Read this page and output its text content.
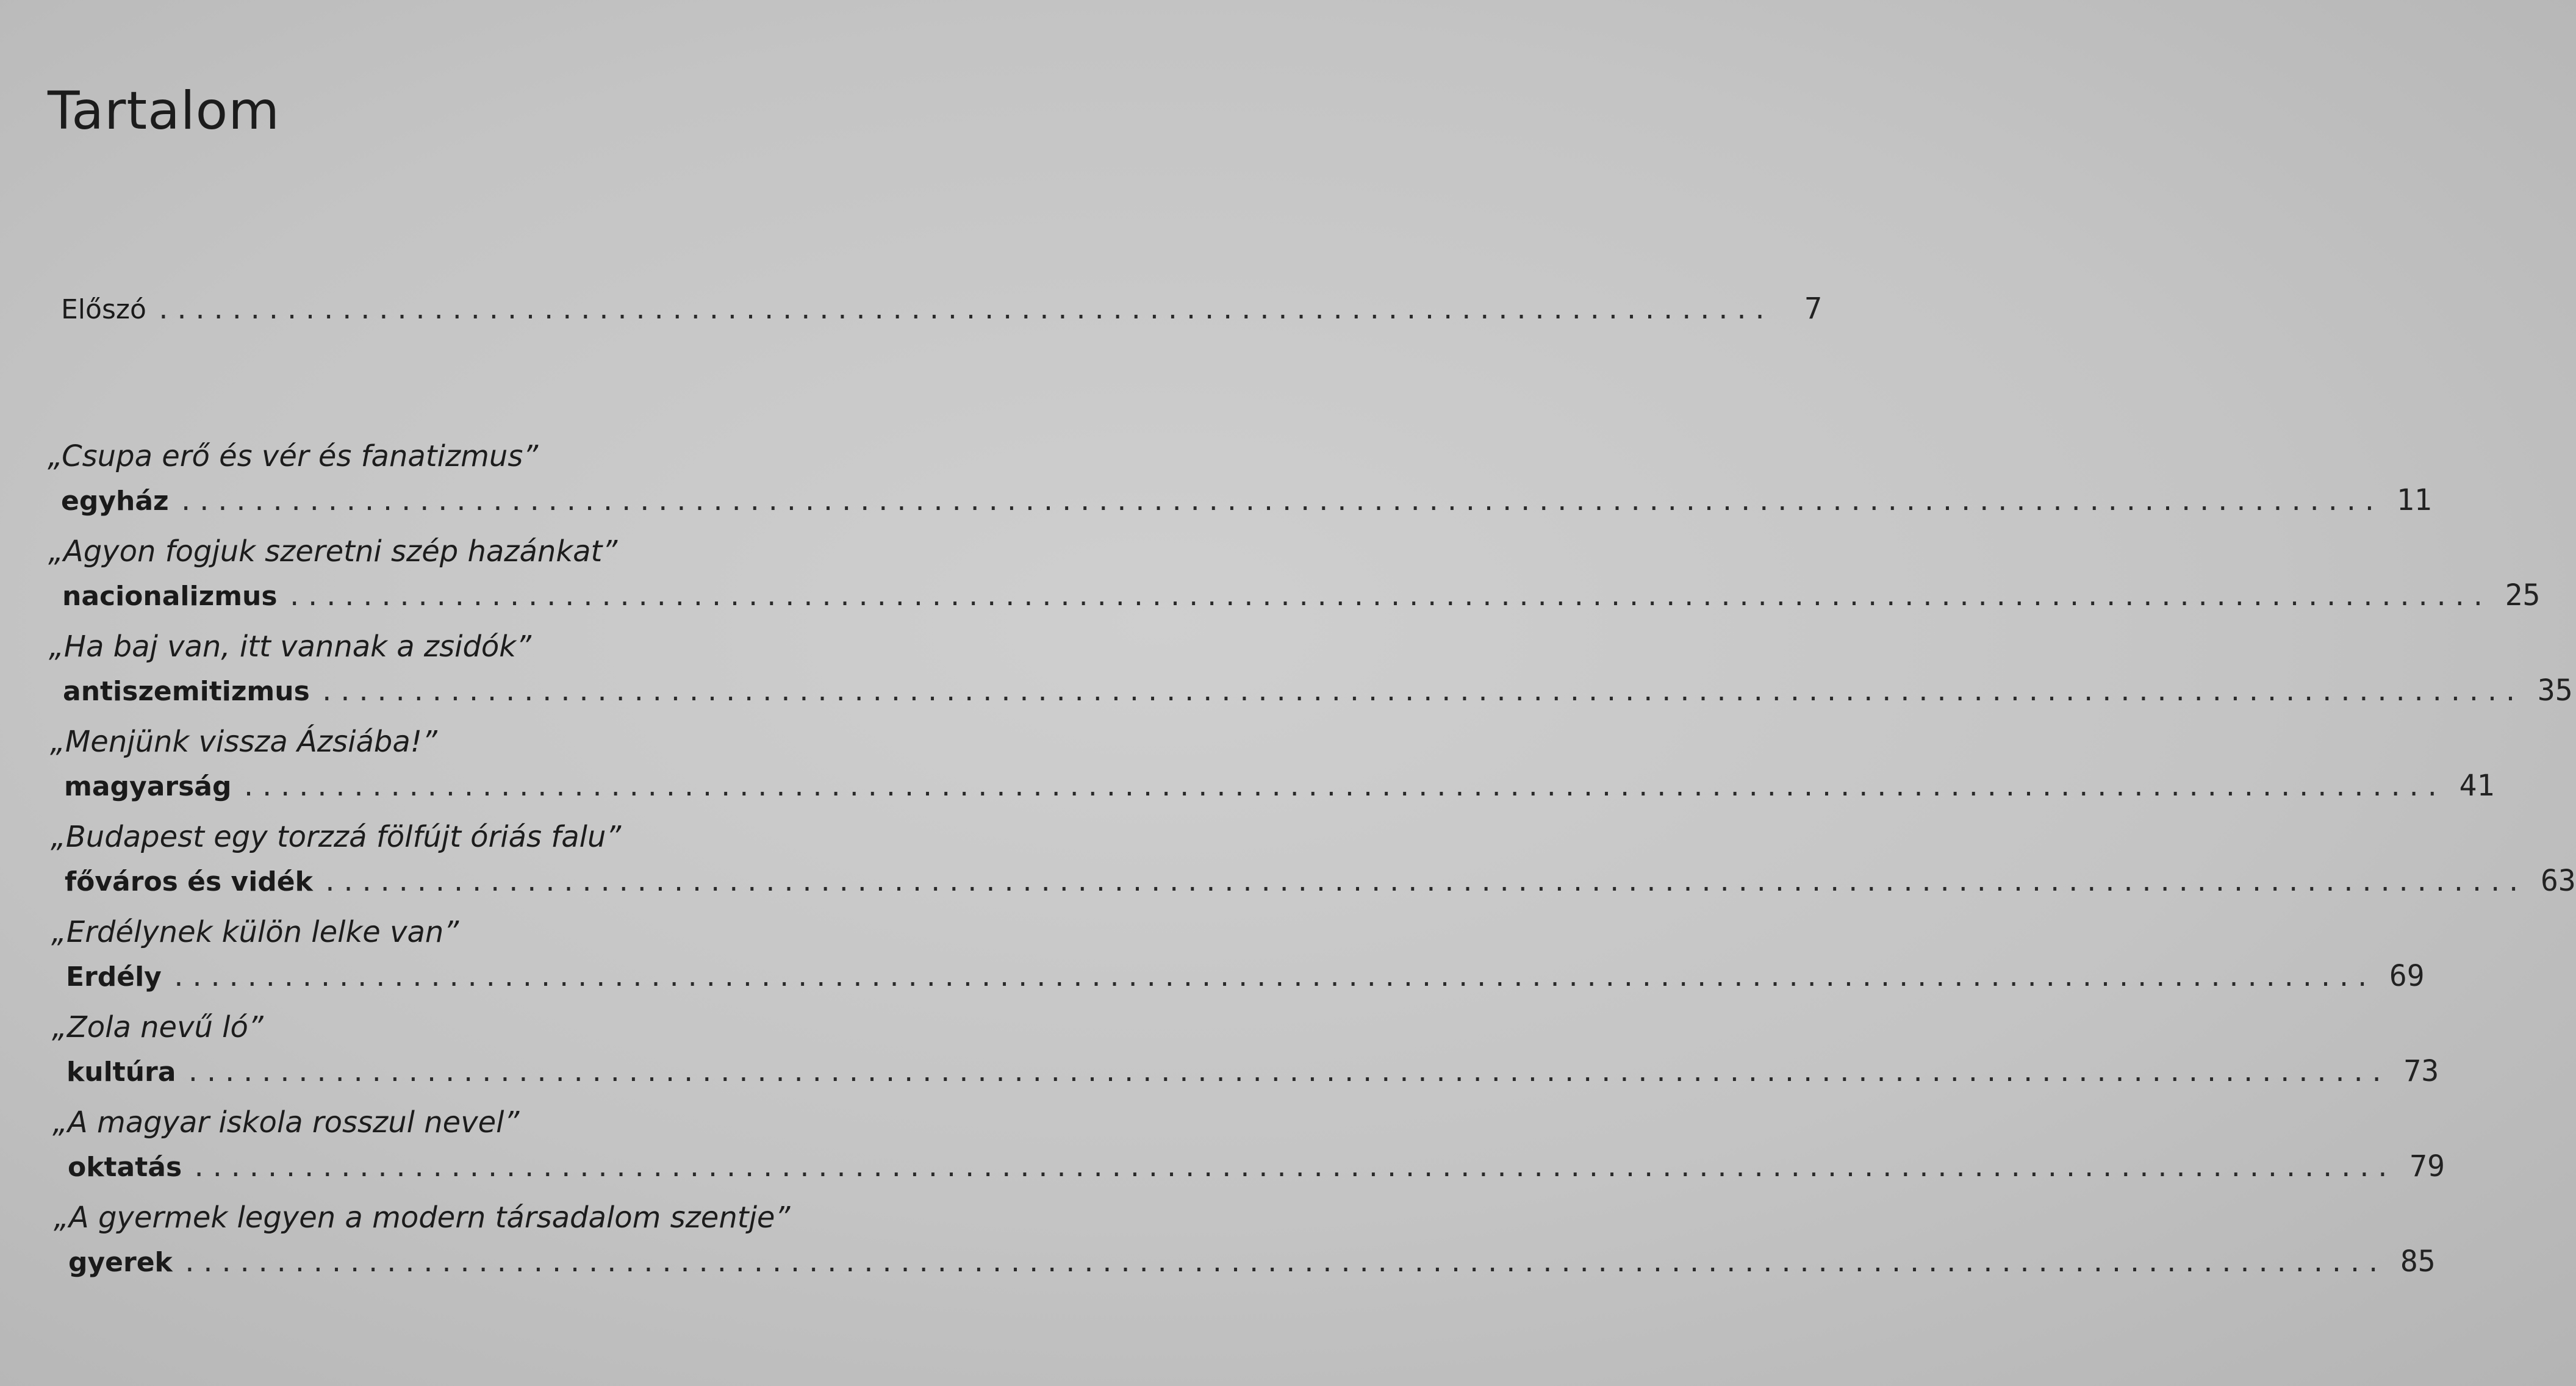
Tartalom
Előszó ........................................................................................	7
„Csupa erő és vér és fanatizmus”
egyház ........................................................................................................................ 11
„Agyon fogjuk szeretni szép hazánkat”
nacionalizmus ........................................................................................................................ 25
„Ha baj van, itt vannak a zsidók”
antiszemitizmus ........................................................................................................................ 35
„Menjünk vissza Ázsiába!”
magyarság ........................................................................................................................ 41
„Budapest egy torzzá fölfújt óriás falu”
főváros és vidék ........................................................................................................................ 63
„Erdélynek külön lelke van”
Erdély ........................................................................................................................ 69
„Zola nevű ló”
kultúra ........................................................................................................................ 73
„A magyar iskola rosszul nevel”
oktatás ........................................................................................................................ 79
„A gyermek legyen a modern társadalom szentje”
gyerek ........................................................................................................................ 85
